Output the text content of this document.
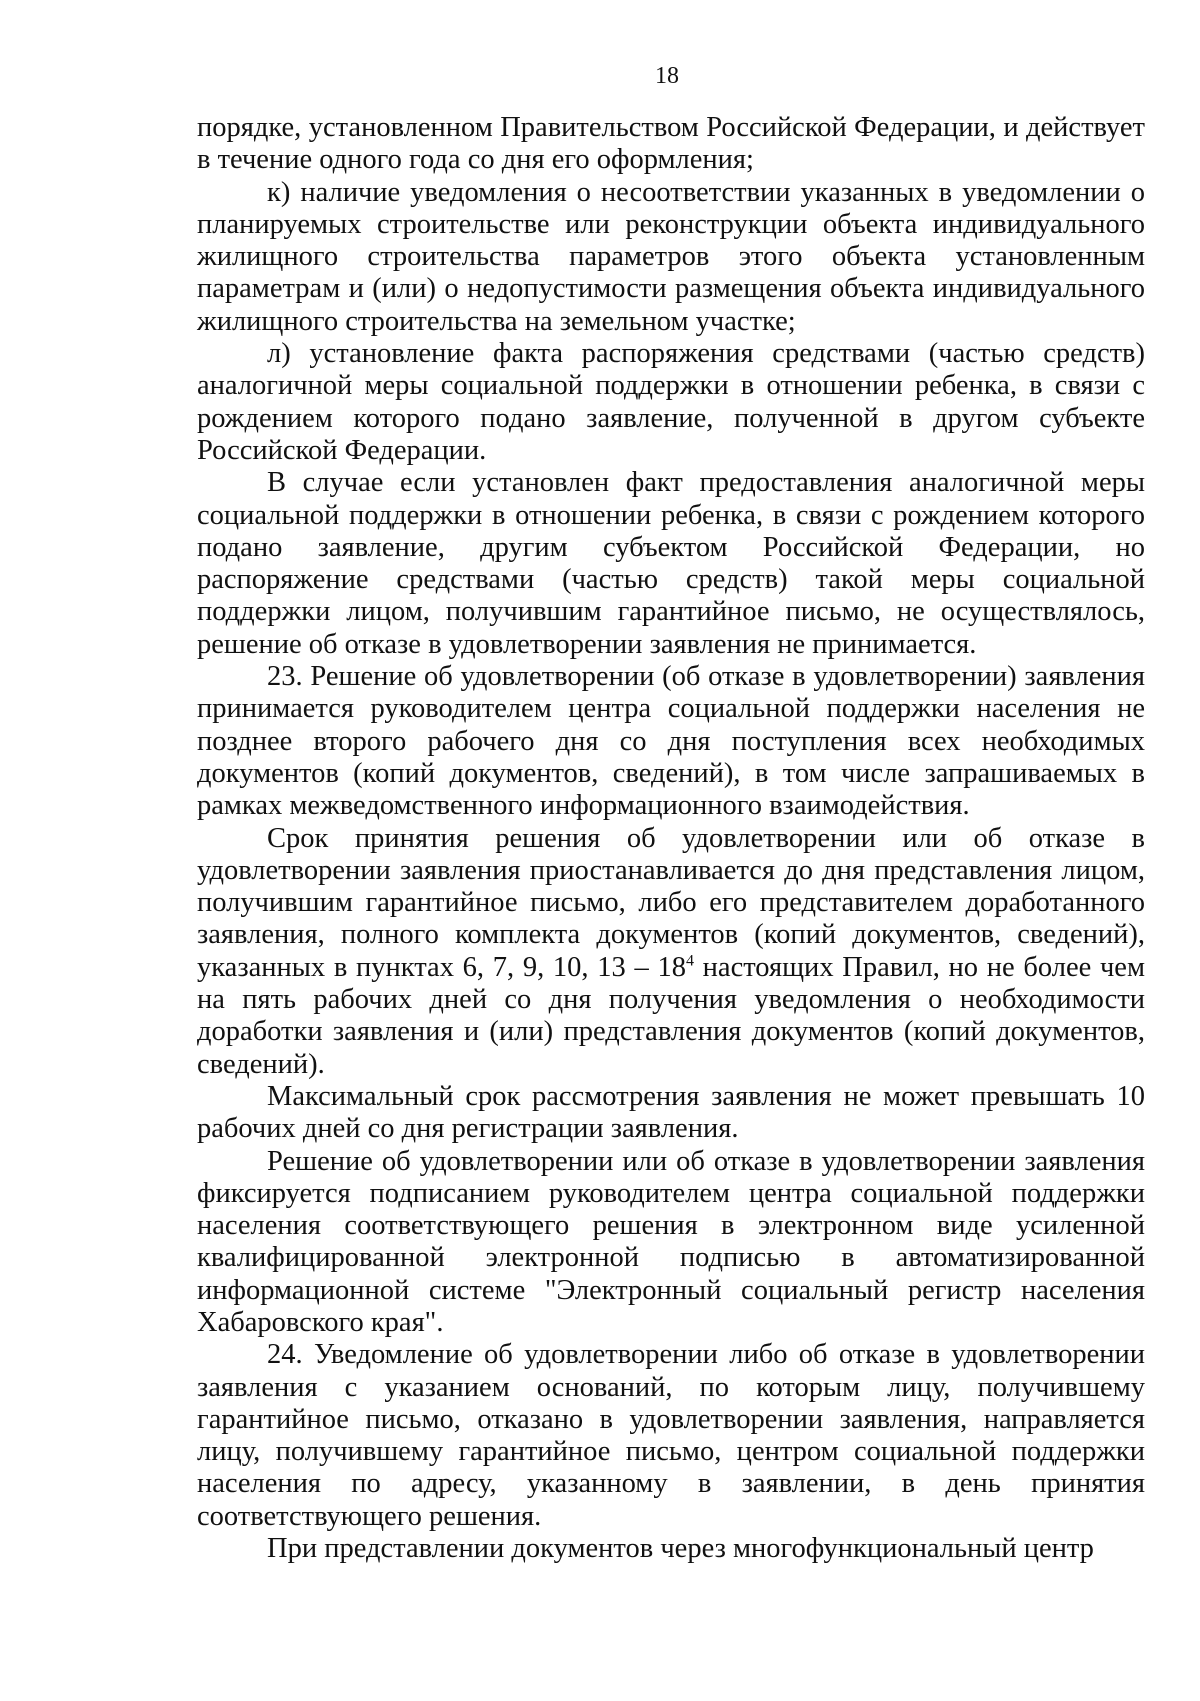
18

порядке, установленном Правительством Российской Федерации, и действует в течение одного года со дня его оформления;

к) наличие уведомления о несоответствии указанных в уведомлении о планируемых строительстве или реконструкции объекта индивидуального жилищного строительства параметров этого объекта установленным параметрам и (или) о недопустимости размещения объекта индивидуального жилищного строительства на земельном участке;

л) установление факта распоряжения средствами (частью средств) аналогичной меры социальной поддержки в отношении ребенка, в связи с рождением которого подано заявление, полученной в другом субъекте Российской Федерации.

В случае если установлен факт предоставления аналогичной меры социальной поддержки в отношении ребенка, в связи с рождением которого подано заявление, другим субъектом Российской Федерации, но распоряжение средствами (частью средств) такой меры социальной поддержки лицом, получившим гарантийное письмо, не осуществлялось, решение об отказе в удовлетворении заявления не принимается.

23. Решение об удовлетворении (об отказе в удовлетворении) заявления принимается руководителем центра социальной поддержки населения не позднее второго рабочего дня со дня поступления всех необходимых документов (копий документов, сведений), в том числе запрашиваемых в рамках межведомственного информационного взаимодействия.

Срок принятия решения об удовлетворении или об отказе в удовлетворении заявления приостанавливается до дня представления лицом, получившим гарантийное письмо, либо его представителем доработанного заявления, полного комплекта документов (копий документов, сведений), указанных в пунктах 6, 7, 9, 10, $13 - 18^4$ настоящих Правил, но не более чем на пять рабочих дней со дня получения уведомления о необходимости доработки заявления и (или) представления документов (копий документов, сведений).

Максимальный срок рассмотрения заявления не может превышать 10 рабочих дней со дня регистрации заявления.

Решение об удовлетворении или об отказе в удовлетворении заявления фиксируется подписанием руководителем центра социальной поддержки населения соответствующего решения в электронном виде усиленной квалифицированной электронной подписью в автоматизированной информационной системе "Электронный социальный регистр населения Хабаровского края".

24. Уведомление об удовлетворении либо об отказе в удовлетворении заявления с указанием оснований, по которым лицу, получившему гарантийное письмо, отказано в удовлетворении заявления, направляется лицу, получившему гарантийное письмо, центром социальной поддержки населения по адресу, указанному в заявлении, в день принятия соответствующего решения.

При представлении документов через многофункциональный центр
